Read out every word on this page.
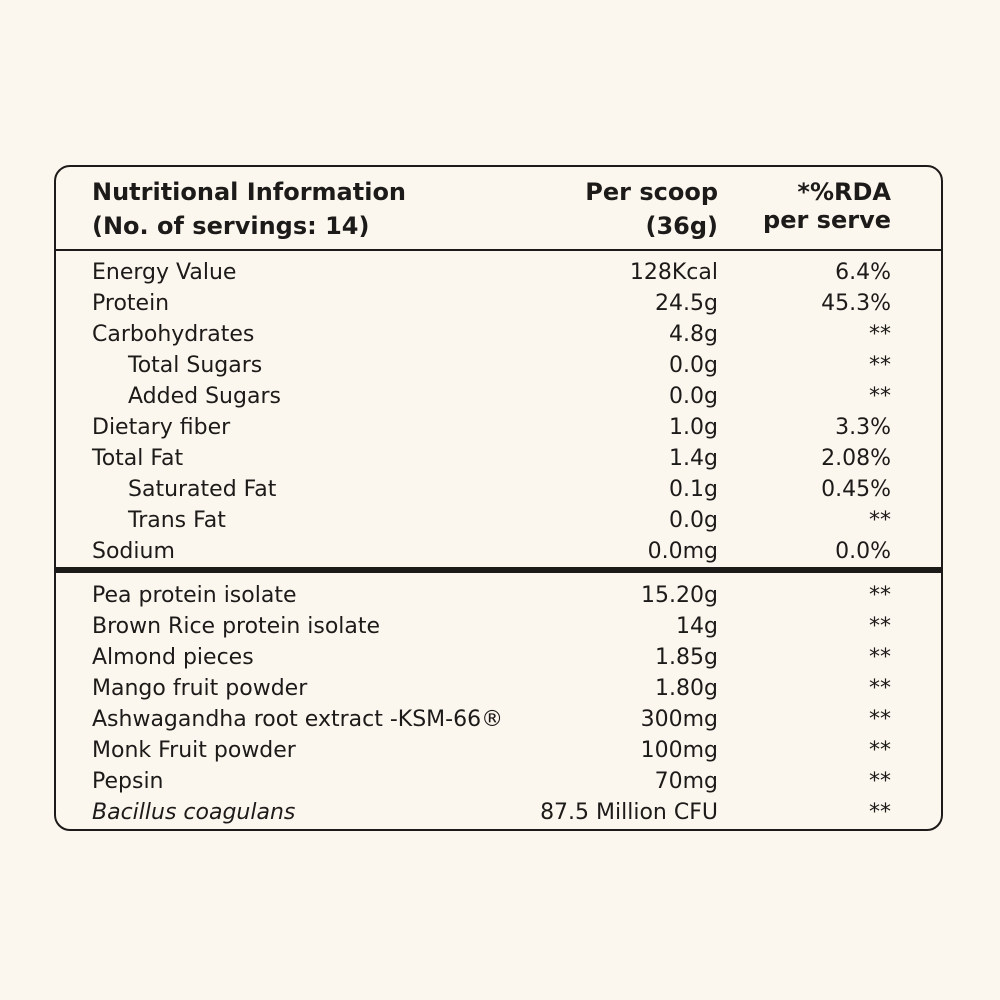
Nutritional Information
(No. of servings: 14)
Per scoop
(36g)
*%RDA
per serve
Energy Value	128Kcal	6.4%
Protein	24.5g	45.3%
Carbohydrates	4.8g	**
Total Sugars	0.0g	**
Added Sugars	0.0g	**
Dietary fiber	1.0g	3.3%
Total Fat	1.4g	2.08%
Saturated Fat	0.1g	0.45%
Trans Fat	0.0g	**
Sodium	0.0mg	0.0%
Pea protein isolate	15.20g	**
Brown Rice protein isolate	14g	**
Almond pieces	1.85g	**
Mango fruit powder	1.80g	**
Ashwagandha root extract -KSM-66®	300mg	**
Monk Fruit powder	100mg	**
Pepsin	70mg	**
Bacillus coagulans	87.5 Million CFU	**
